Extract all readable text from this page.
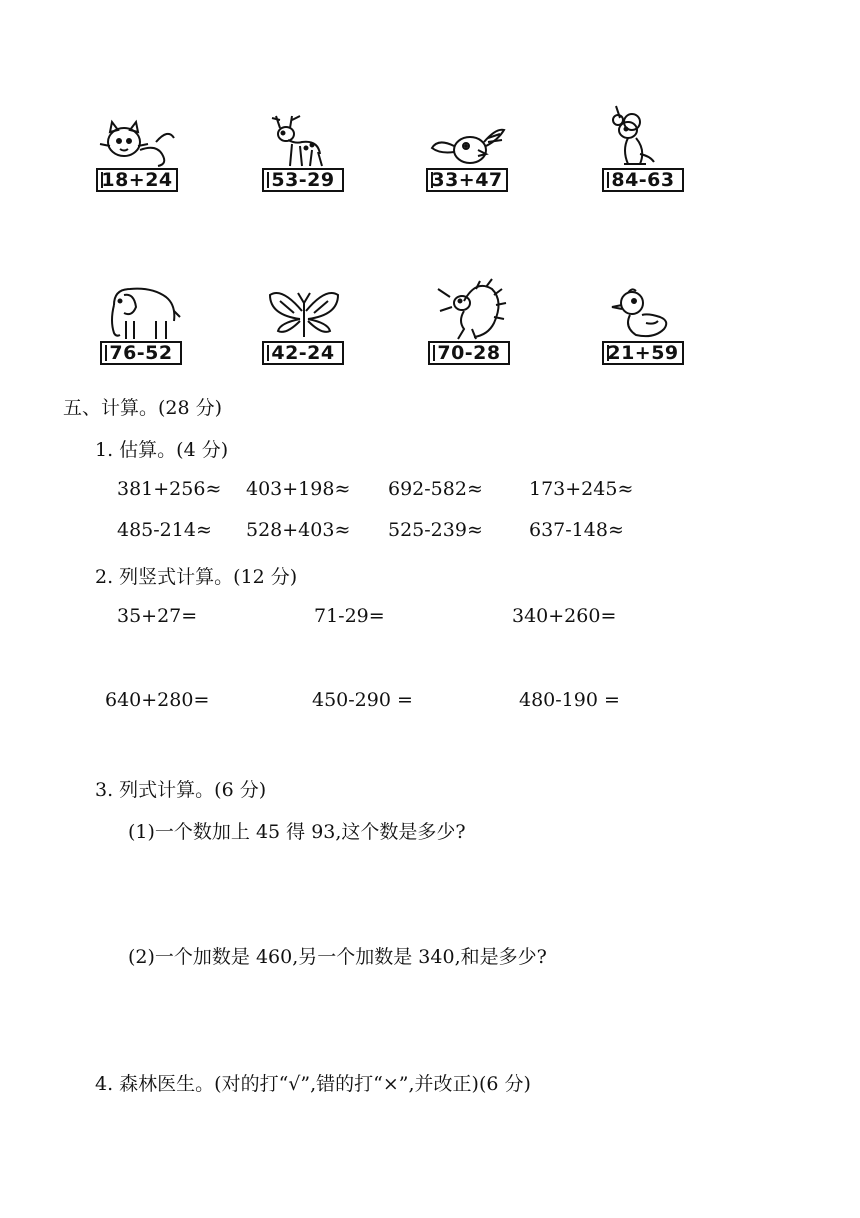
18+24	53-29	33+47	84-63
76-52	42-24	70-28	21+59
五、计算。(28 分)
1. 估算。(4 分)
381+256≈ 403+198≈ 692-582≈ 173+245≈
485-214≈ 528+403≈ 525-239≈ 637-148≈
2. 列竖式计算。(12 分)
35+27=	71-29=	340+260=
640+280=	450-290 =	480-190 =
3. 列式计算。(6 分)
(1)一个数加上 45 得 93,这个数是多少?
(2)一个加数是 460,另一个加数是 340,和是多少?
4. 森林医生。(对的打“√”,错的打“×”,并改正)(6 分)
